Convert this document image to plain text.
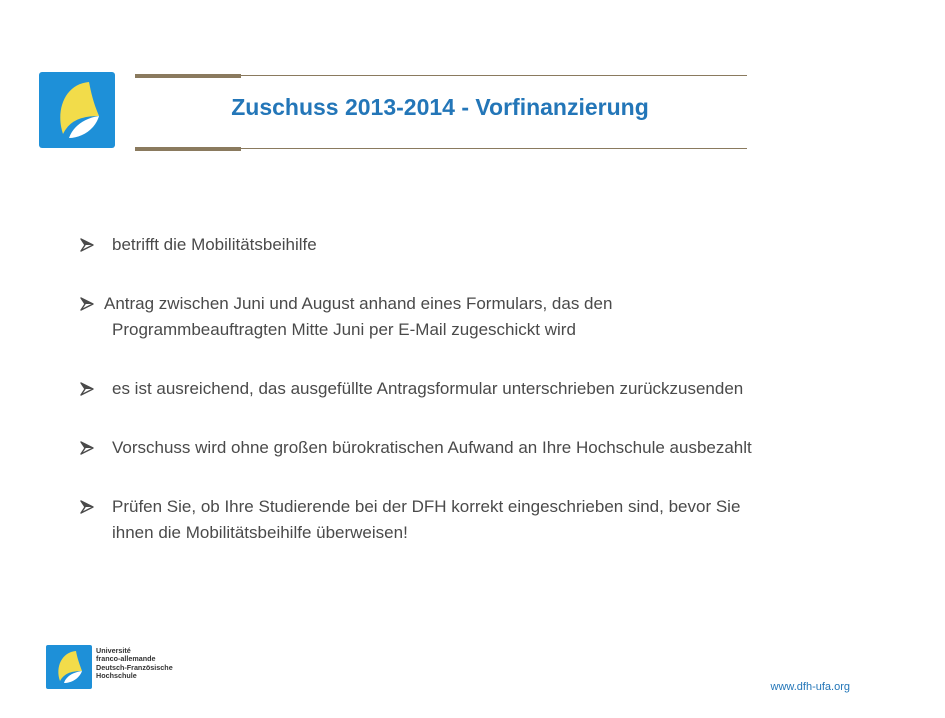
Zuschuss 2013-2014 - Vorfinanzierung
betrifft die Mobilitätsbeihilfe
Antrag zwischen Juni und August anhand eines Formulars, das den Programmbeauftragten Mitte Juni per E-Mail zugeschickt wird
es ist ausreichend, das ausgefüllte Antragsformular unterschrieben zurückzusenden
Vorschuss wird ohne großen bürokratischen Aufwand an Ihre Hochschule ausbezahlt
Prüfen Sie, ob Ihre Studierende bei der DFH korrekt eingeschrieben sind, bevor Sie ihnen die Mobilitätsbeihilfe überweisen!
Université
franco-allemande
Deutsch-Französische
Hochschule
www.dfh-ufa.org
